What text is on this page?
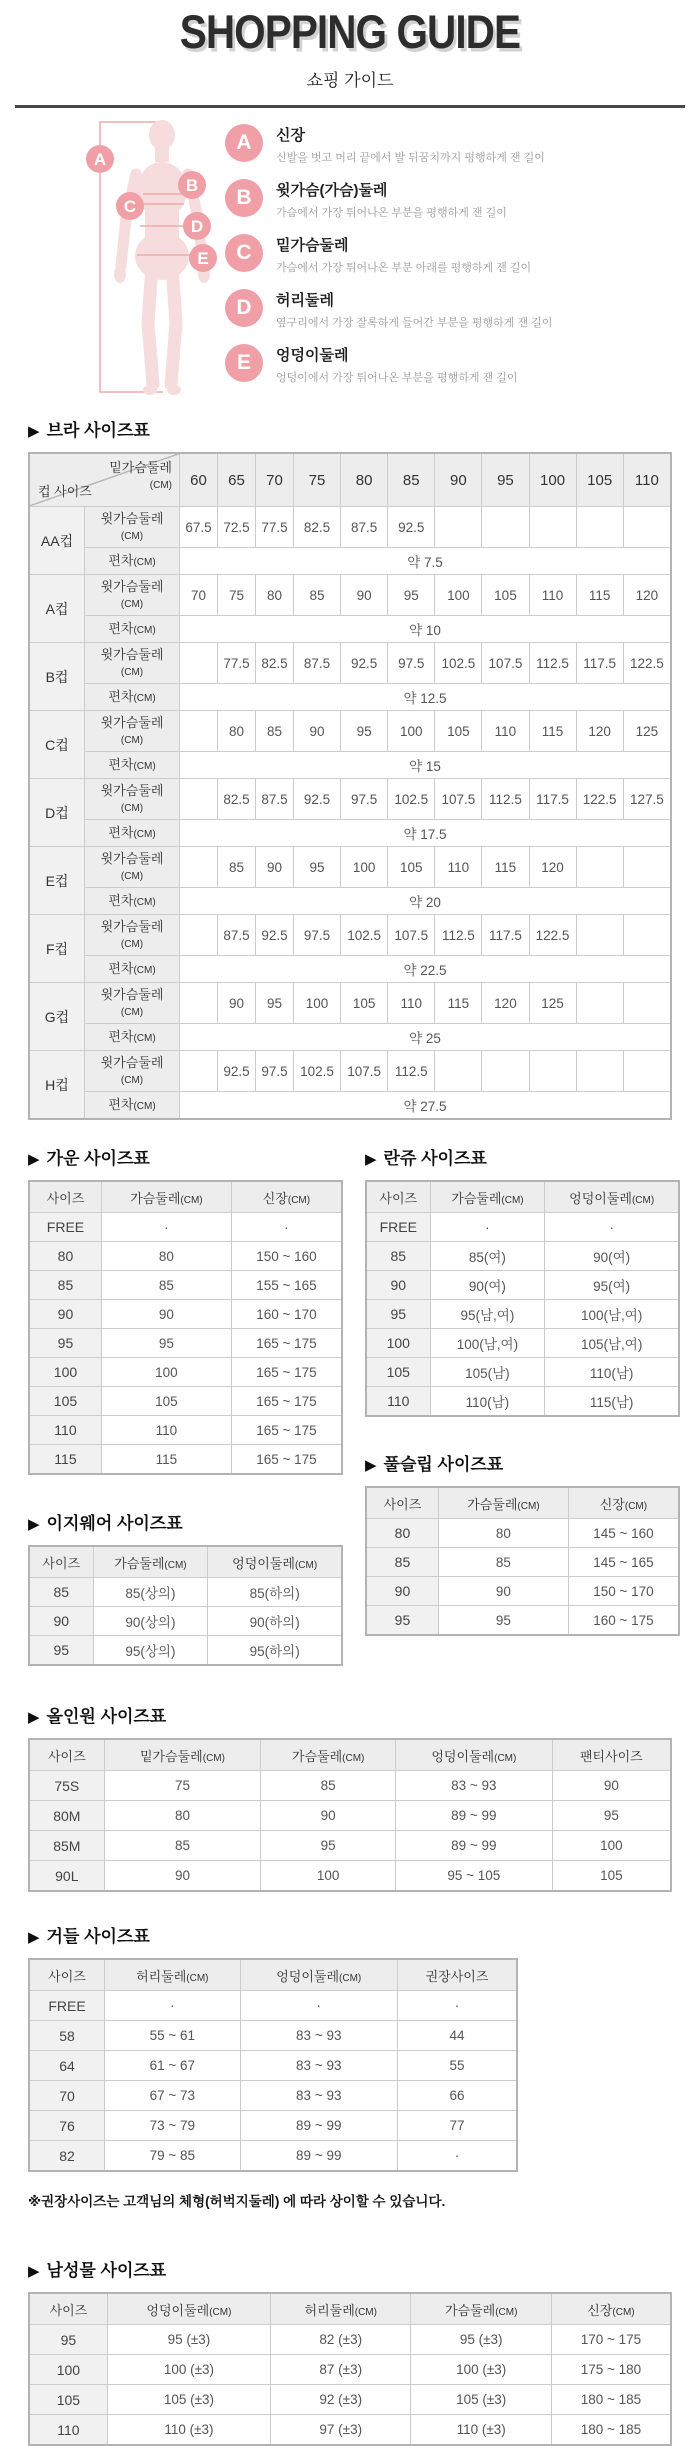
SHOPPING GUIDE
쇼핑 가이드
A
B
C
D
E
A	신장
신발을 벗고 머리 끝에서 발 뒤꿈치까지 평행하게 잰 길이
B	윗가슴(가슴)둘레
가슴에서 가장 튀어나온 부분을 평행하게 잰 길이
C	밑가슴둘레
가슴에서 가장 튀어나온 부분 아래를 평행하게 잰 길이
D	허리둘레
옆구리에서 가장 잘록하게 들어간 부분을 평행하게 잰 길이
E	엉덩이둘레
엉덩이에서 가장 튀어나온 부분을 평행하게 잰 길이
▶ 브라 사이즈표
밑가슴둘레
(CM)
컵 사이즈		60	65	70	75	80	85	90	95	100	105	110
AA컵	윗가슴둘레
(CM)	67.5	72.5	77.5	82.5	87.5	92.5					
	편차(CM)	약 7.5										
A컵	윗가슴둘레
(CM)	70	75	80	85	90	95	100	105	110	115	120
	편차(CM)	약 10										
B컵	윗가슴둘레
(CM)		77.5	82.5	87.5	92.5	97.5	102.5	107.5	112.5	117.5	122.5
	편차(CM)	약 12.5										
C컵	윗가슴둘레
(CM)		80	85	90	95	100	105	110	115	120	125
	편차(CM)	약 15										
D컵	윗가슴둘레
(CM)		82.5	87.5	92.5	97.5	102.5	107.5	112.5	117.5	122.5	127.5
	편차(CM)	약 17.5										
E컵	윗가슴둘레
(CM)		85	90	95	100	105	110	115	120		
	편차(CM)	약 20										
F컵	윗가슴둘레
(CM)		87.5	92.5	97.5	102.5	107.5	112.5	117.5	122.5		
	편차(CM)	약 22.5										
G컵	윗가슴둘레
(CM)		90	95	100	105	110	115	120	125		
	편차(CM)	약 25										
H컵	윗가슴둘레
(CM)		92.5	97.5	102.5	107.5	112.5					
	편차(CM)	약 27.5										
▶ 가운 사이즈표
사이즈	가슴둘레(CM)	신장(CM)
FREE	·	·
80	80	150 ~ 160
85	85	155 ~ 165
90	90	160 ~ 170
95	95	165 ~ 175
100	100	165 ~ 175
105	105	165 ~ 175
110	110	165 ~ 175
115	115	165 ~ 175
▶ 이지웨어 사이즈표
사이즈	가슴둘레(CM)	엉덩이둘레(CM)
85	85(상의)	85(하의)
90	90(상의)	90(하의)
95	95(상의)	95(하의)
▶ 란쥬 사이즈표
사이즈	가슴둘레(CM)	엉덩이둘레(CM)
FREE	·	·
85	85(여)	90(여)
90	90(여)	95(여)
95	95(남,여)	100(남,여)
100	100(남,여)	105(남,여)
105	105(남)	110(남)
110	110(남)	115(남)
▶ 풀슬립 사이즈표
사이즈	가슴둘레(CM)	신장(CM)
80	80	145 ~ 160
85	85	145 ~ 165
90	90	150 ~ 170
95	95	160 ~ 175
▶ 올인원 사이즈표
사이즈	밑가슴둘레(CM)	가슴둘레(CM)	엉덩이둘레(CM)	팬티사이즈
75S	75	85	83 ~ 93	90
80M	80	90	89 ~ 99	95
85M	85	95	89 ~ 99	100
90L	90	100	95 ~ 105	105
▶ 거들 사이즈표
사이즈	허리둘레(CM)	엉덩이둘레(CM)	권장사이즈
FREE	·	·	·
58	55 ~ 61	83 ~ 93	44
64	61 ~ 67	83 ~ 93	55
70	67 ~ 73	83 ~ 93	66
76	73 ~ 79	89 ~ 99	77
82	79 ~ 85	89 ~ 99	·

※권장사이즈는 고객님의 체형(허벅지둘레) 에 따라 상이할 수 있습니다.

▶ 남성물 사이즈표
사이즈	엉덩이둘레(CM)	허리둘레(CM)	가슴둘레(CM)	신장(CM)
95	95 (±3)	82 (±3)	95 (±3)	170 ~ 175
100	100 (±3)	87 (±3)	100 (±3)	175 ~ 180
105	105 (±3)	92 (±3)	105 (±3)	180 ~ 185
110	110 (±3)	97 (±3)	110 (±3)	180 ~ 185
